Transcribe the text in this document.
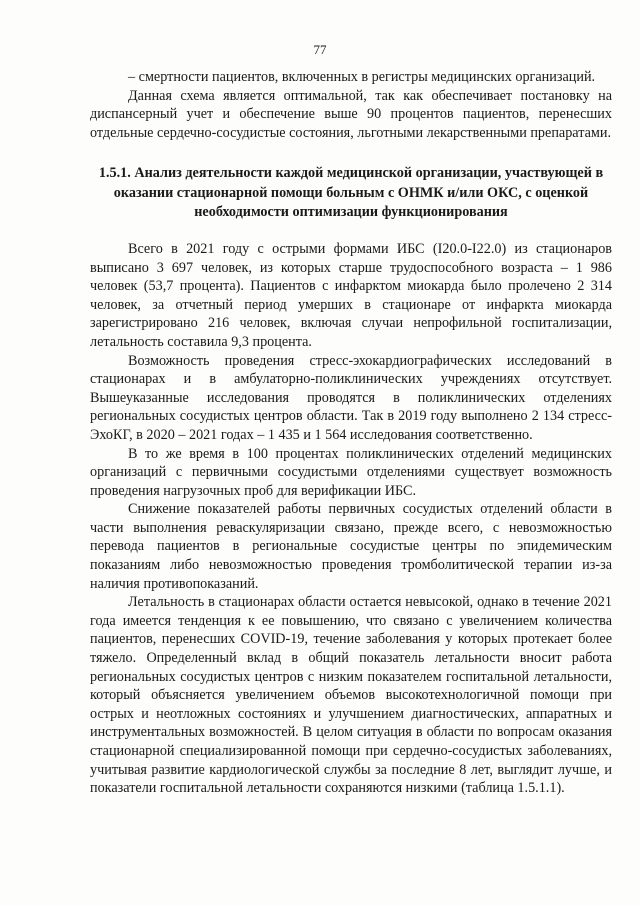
77

– смертности пациентов, включенных в регистры медицинских организаций.

Данная схема является оптимальной, так как обеспечивает постановку на диспансерный учет и обеспечение выше 90 процентов пациентов, перенесших отдельные сердечно-сосудистые состояния, льготными лекарственными препаратами.

1.5.1. Анализ деятельности каждой медицинской организации, участвующей в оказании стационарной помощи больным с ОНМК и/или ОКС, с оценкой необходимости оптимизации функционирования

Всего в 2021 году с острыми формами ИБС (I20.0-I22.0) из стационаров выписано 3 697 человек, из которых старше трудоспособного возраста – 1 986 человек (53,7 процента). Пациентов с инфарктом миокарда было пролечено 2 314 человек, за отчетный период умерших в стационаре от инфаркта миокарда зарегистрировано 216 человек, включая случаи непрофильной госпитализации, летальность составила 9,3 процента.

Возможность проведения стресс-эхокардиографических исследований в стационарах и в амбулаторно-поликлинических учреждениях отсутствует. Вышеуказанные исследования проводятся в поликлинических отделениях региональных сосудистых центров области. Так в 2019 году выполнено 2 134 стресс-ЭхоКГ, в 2020 – 2021 годах – 1 435 и 1 564 исследования соответственно.

В то же время в 100 процентах поликлинических отделений медицинских организаций с первичными сосудистыми отделениями существует возможность проведения нагрузочных проб для верификации ИБС.

Снижение показателей работы первичных сосудистых отделений области в части выполнения реваскуляризации связано, прежде всего, с невозможностью перевода пациентов в региональные сосудистые центры по эпидемическим показаниям либо невозможностью проведения тромболитической терапии из-за наличия противопоказаний.

Летальность в стационарах области остается невысокой, однако в течение 2021 года имеется тенденция к ее повышению, что связано с увеличением количества пациентов, перенесших COVID-19, течение заболевания у которых протекает более тяжело. Определенный вклад в общий показатель летальности вносит работа региональных сосудистых центров с низким показателем госпитальной летальности, который объясняется увеличением объемов высокотехнологичной помощи при острых и неотложных состояниях и улучшением диагностических, аппаратных и инструментальных возможностей. В целом ситуация в области по вопросам оказания стационарной специализированной помощи при сердечно-сосудистых заболеваниях, учитывая развитие кардиологической службы за последние 8 лет, выглядит лучше, и показатели госпитальной летальности сохраняются низкими (таблица 1.5.1.1).
